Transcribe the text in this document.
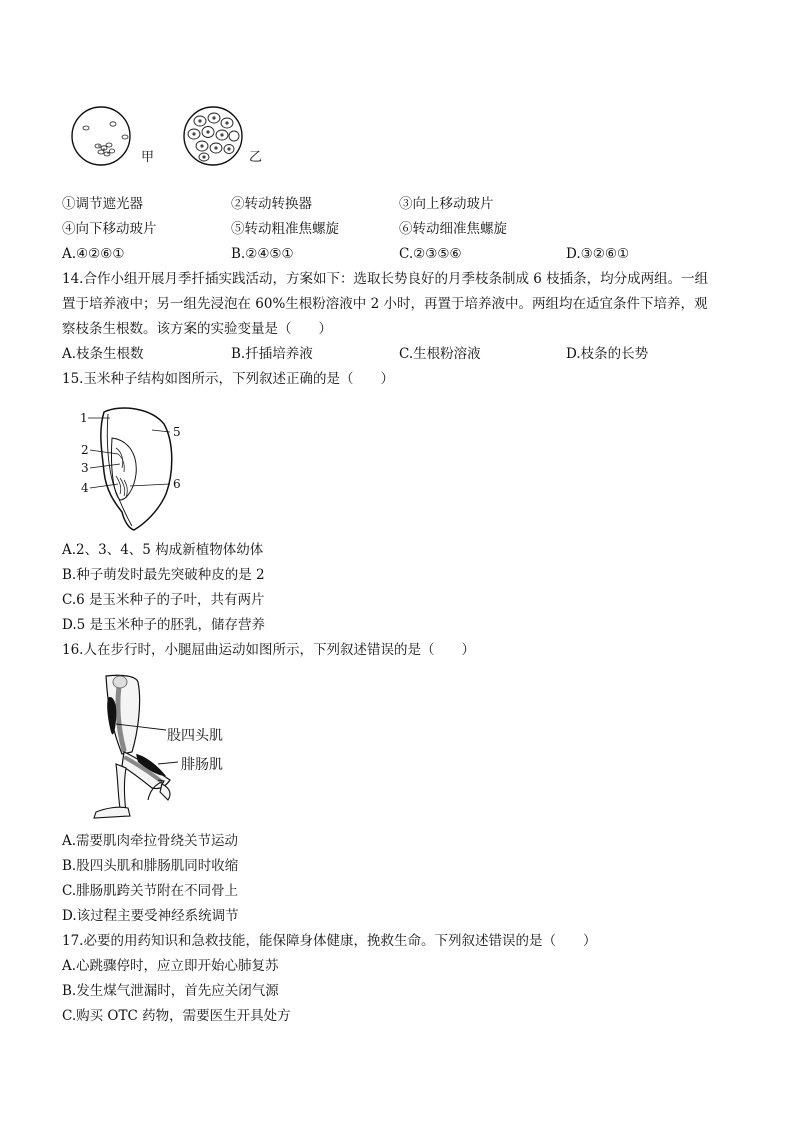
甲	乙
①调节遮光器	②转动转换器	③向上移动玻片
④向下移动玻片	⑤转动粗准焦螺旋	⑥转动细准焦螺旋
A.④②⑥①	B.②④⑤①	C.②③⑤⑥	D.③②⑥①
14.合作小组开展月季扦插实践活动，方案如下：选取长势良好的月季枝条制成 6 枝插条，均分成两组。一组
置于培养液中；另一组先浸泡在 60%生根粉溶液中 2 小时，再置于培养液中。两组均在适宜条件下培养，观
察枝条生根数。该方案的实验变量是（　　）
A.枝条生根数	B.扦插培养液	C.生根粉溶液	D.枝条的长势
15.玉米种子结构如图所示，下列叙述正确的是（　　）
1
5
2
3
4	6
A.2、3、4、5 构成新植物体幼体
B.种子萌发时最先突破种皮的是 2
C.6 是玉米种子的子叶，共有两片
D.5 是玉米种子的胚乳，储存营养
16.人在步行时，小腿屈曲运动如图所示，下列叙述错误的是（　　）
股四头肌
腓肠肌
A.需要肌肉牵拉骨绕关节运动
B.股四头肌和腓肠肌同时收缩
C.腓肠肌跨关节附在不同骨上
D.该过程主要受神经系统调节
17.必要的用药知识和急救技能，能保障身体健康，挽救生命。下列叙述错误的是（　　）
A.心跳骤停时，应立即开始心肺复苏
B.发生煤气泄漏时，首先应关闭气源
C.购买 OTC 药物，需要医生开具处方
